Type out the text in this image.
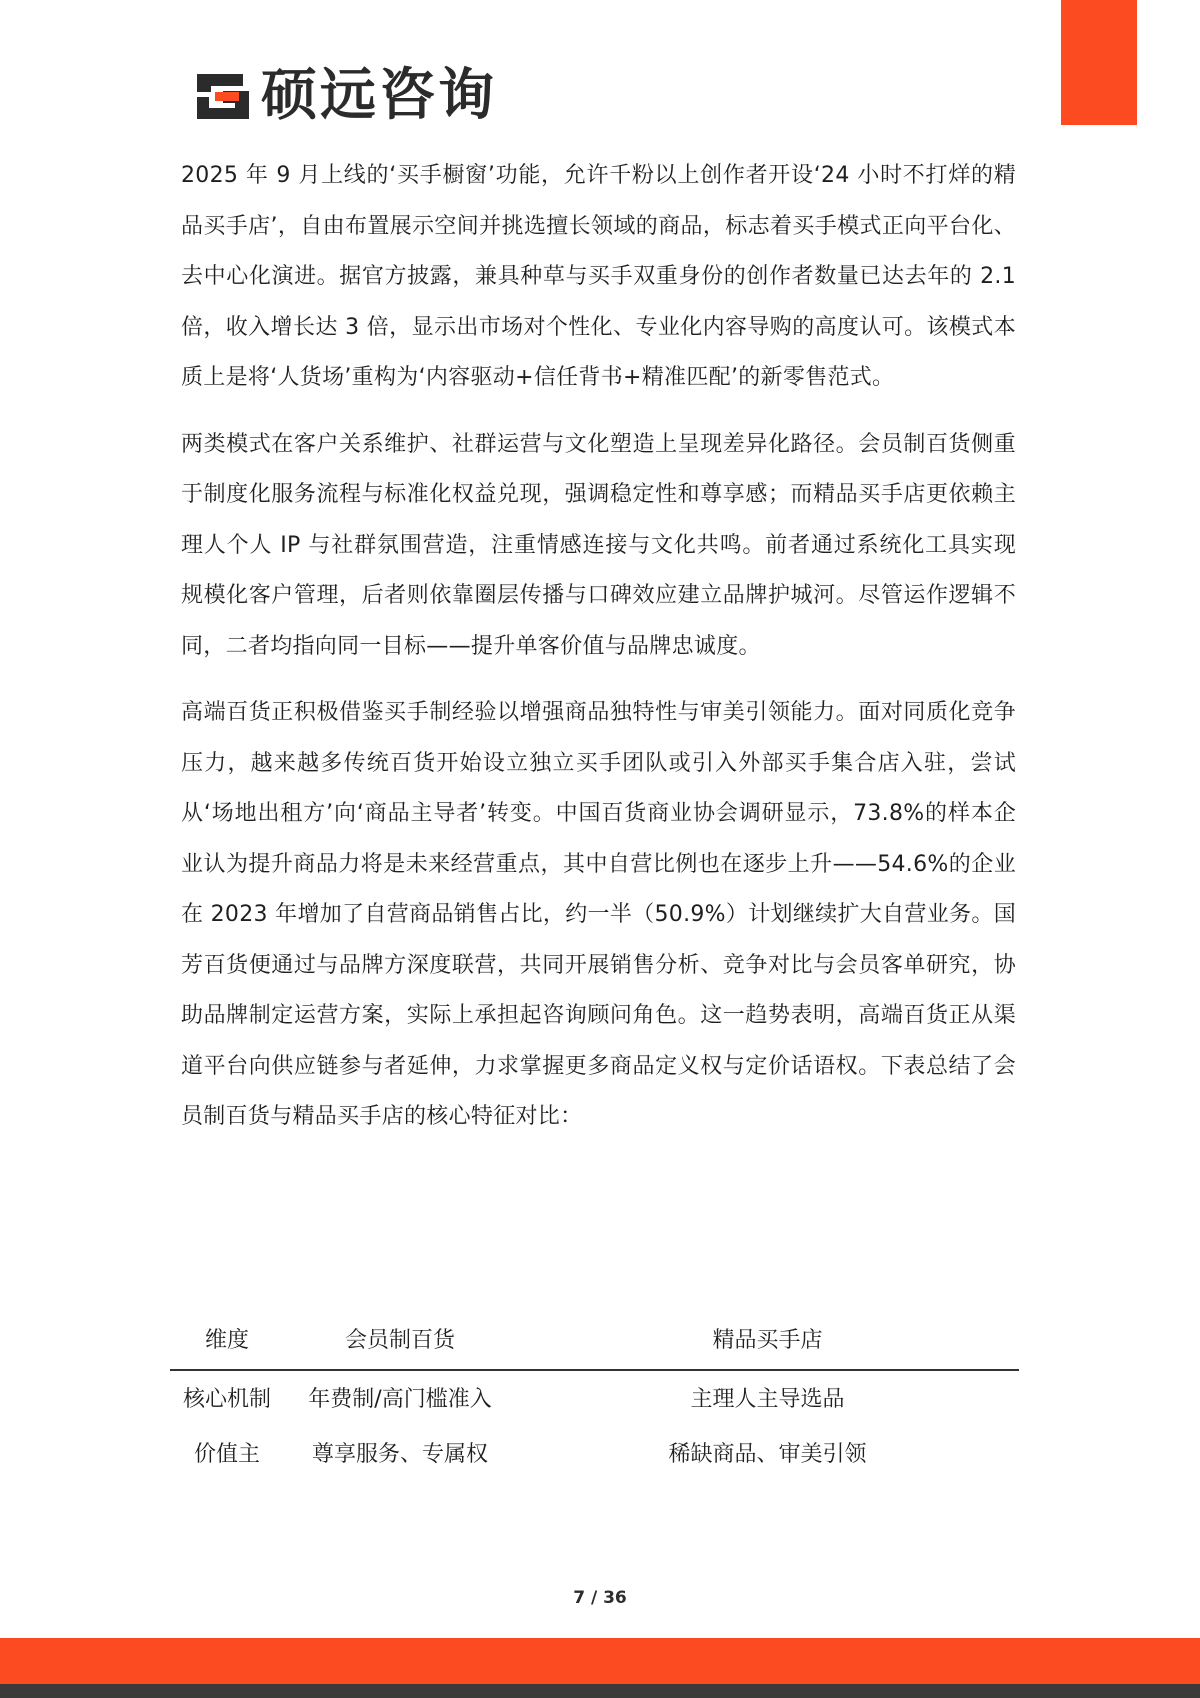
硕远咨询

2025 年 9 月上线的‘买手橱窗’功能，允许千粉以上创作者开设‘24 小时不打烊的精品买手店’，自由布置展示空间并挑选擅长领域的商品，标志着买手模式正向平台化、去中心化演进。据官方披露，兼具种草与买手双重身份的创作者数量已达去年的 2.1 倍，收入增长达 3 倍，显示出市场对个性化、专业化内容导购的高度认可。该模式本质上是将‘人货场’重构为‘内容驱动+信任背书+精准匹配’的新零售范式。

两类模式在客户关系维护、社群运营与文化塑造上呈现差异化路径。会员制百货侧重于制度化服务流程与标准化权益兑现，强调稳定性和尊享感；而精品买手店更依赖主理人个人 IP 与社群氛围营造，注重情感连接与文化共鸣。前者通过系统化工具实现规模化客户管理，后者则依靠圈层传播与口碑效应建立品牌护城河。尽管运作逻辑不同，二者均指向同一目标——提升单客价值与品牌忠诚度。

高端百货正积极借鉴买手制经验以增强商品独特性与审美引领能力。面对同质化竞争压力，越来越多传统百货开始设立独立买手团队或引入外部买手集合店入驻，尝试从‘场地出租方’向‘商品主导者’转变。中国百货商业协会调研显示，73.8%的样本企业认为提升商品力将是未来经营重点，其中自营比例也在逐步上升——54.6%的企业在 2023 年增加了自营商品销售占比，约一半（50.9%）计划继续扩大自营业务。国芳百货便通过与品牌方深度联营，共同开展销售分析、竞争对比与会员客单研究，协助品牌制定运营方案，实际上承担起咨询顾问角色。这一趋势表明，高端百货正从渠道平台向供应链参与者延伸，力求掌握更多商品定义权与定价话语权。下表总结了会员制百货与精品买手店的核心特征对比：

维度	会员制百货	精品买手店
核心机制	年费制/高门槛准入	主理人主导选品
价值主	尊享服务、专属权	稀缺商品、审美引领
7 / 36
